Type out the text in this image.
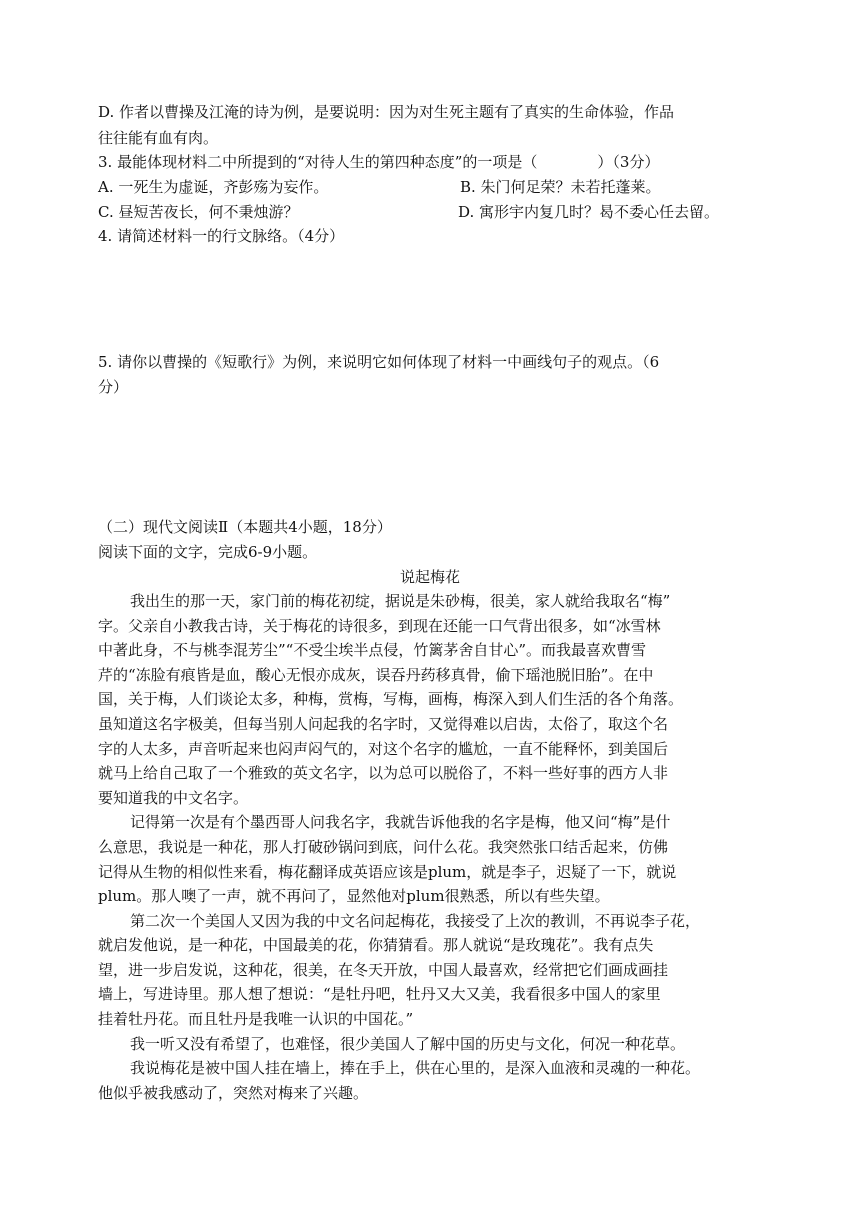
D. 作者以曹操及江淹的诗为例，是要说明：因为对生死主题有了真实的生命体验，作品
往往能有血有肉。
3. 最能体现材料二中所提到的“对待人生的第四种态度”的一项是（　　　　）（3分）
A. 一死生为虚诞，齐彭殇为妄作。	B. 朱门何足荣？未若托蓬莱。
C. 昼短苦夜长，何不秉烛游？	D. 寓形宇内复几时？曷不委心任去留。
4. 请简述材料一的行文脉络。（4分）
5. 请你以曹操的《短歌行》为例，来说明它如何体现了材料一中画线句子的观点。（6
分）
（二）现代文阅读Ⅱ（本题共4小题，18分）
阅读下面的文字，完成6-9小题。
说起梅花
我出生的那一天，家门前的梅花初绽，据说是朱砂梅，很美，家人就给我取名“梅”
字。父亲自小教我古诗，关于梅花的诗很多，到现在还能一口气背出很多，如“冰雪林
中著此身，不与桃李混芳尘”“不受尘埃半点侵，竹篱茅舍自甘心”。而我最喜欢曹雪
芹的“冻脸有痕皆是血，酸心无恨亦成灰，误吞丹药移真骨，偷下瑶池脱旧胎”。在中
国，关于梅，人们谈论太多，种梅，赏梅，写梅，画梅，梅深入到人们生活的各个角落。
虽知道这名字极美，但每当别人问起我的名字时，又觉得难以启齿，太俗了，取这个名
字的人太多，声音听起来也闷声闷气的，对这个名字的尴尬，一直不能释怀，到美国后
就马上给自己取了一个雅致的英文名字，以为总可以脱俗了，不料一些好事的西方人非
要知道我的中文名字。
记得第一次是有个墨西哥人问我名字，我就告诉他我的名字是梅，他又问“梅”是什
么意思，我说是一种花，那人打破砂锅问到底，问什么花。我突然张口结舌起来，仿佛
记得从生物的相似性来看，梅花翻译成英语应该是plum，就是李子，迟疑了一下，就说
plum。那人噢了一声，就不再问了，显然他对plum很熟悉，所以有些失望。
第二次一个美国人又因为我的中文名问起梅花，我接受了上次的教训，不再说李子花，
就启发他说，是一种花，中国最美的花，你猜猜看。那人就说“是玫瑰花”。我有点失
望，进一步启发说，这种花，很美，在冬天开放，中国人最喜欢，经常把它们画成画挂
墙上，写进诗里。那人想了想说：“是牡丹吧，牡丹又大又美，我看很多中国人的家里
挂着牡丹花。而且牡丹是我唯一认识的中国花。”
我一听又没有希望了，也难怪，很少美国人了解中国的历史与文化，何况一种花草。
我说梅花是被中国人挂在墙上，捧在手上，供在心里的，是深入血液和灵魂的一种花。
他似乎被我感动了，突然对梅来了兴趣。
